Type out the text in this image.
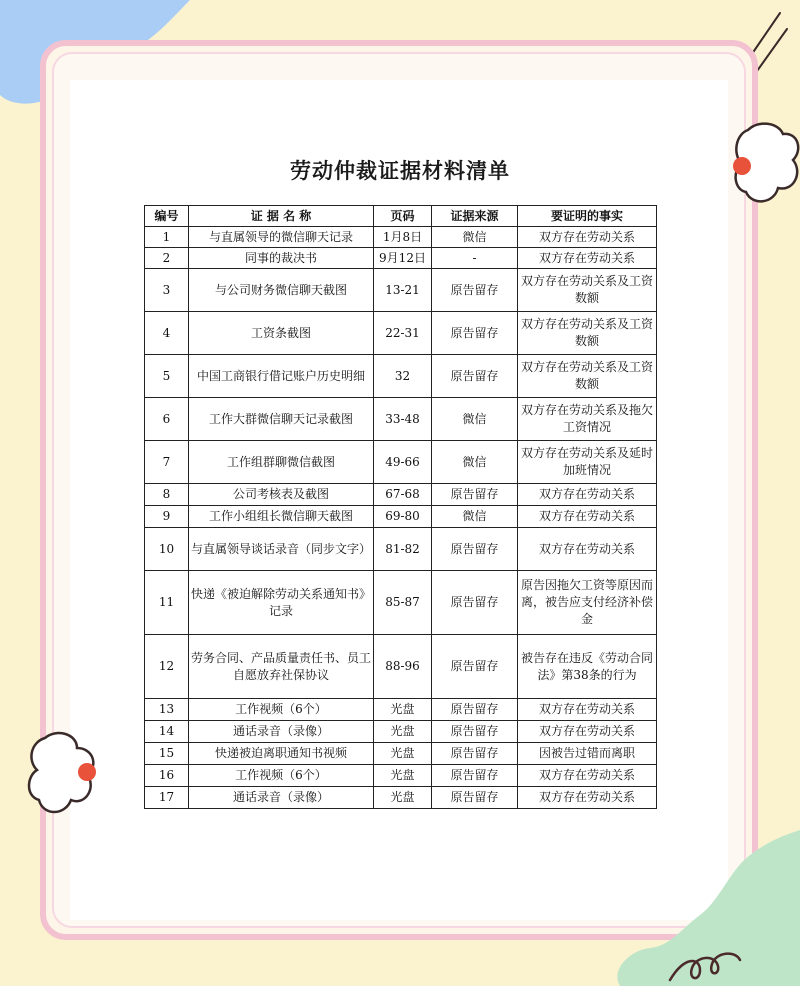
劳动仲裁证据材料清单
编号	证 据 名 称	页码	证据来源	要证明的事实
1	与直属领导的微信聊天记录	1月8日	微信	双方存在劳动关系
2	同事的裁决书	9月12日	-	双方存在劳动关系
3	与公司财务微信聊天截图	13-21	原告留存	双方存在劳动关系及工资数额
4	工资条截图	22-31	原告留存	双方存在劳动关系及工资数额
5	中国工商银行借记账户历史明细	32	原告留存	双方存在劳动关系及工资数额
6	工作大群微信聊天记录截图	33-48	微信	双方存在劳动关系及拖欠工资情况
7	工作组群聊微信截图	49-66	微信	双方存在劳动关系及延时加班情况
8	公司考核表及截图	67-68	原告留存	双方存在劳动关系
9	工作小组组长微信聊天截图	69-80	微信	双方存在劳动关系
10	与直属领导谈话录音（同步文字）	81-82	原告留存	双方存在劳动关系
11	快递《被迫解除劳动关系通知书》记录	85-87	原告留存	原告因拖欠工资等原因而离，被告应支付经济补偿金
12	劳务合同、产品质量责任书、员工自愿放弃社保协议	88-96	原告留存	被告存在违反《劳动合同法》第38条的行为
13	工作视频（6个）	光盘	原告留存	双方存在劳动关系
14	通话录音（录像）	光盘	原告留存	双方存在劳动关系
15	快递被迫离职通知书视频	光盘	原告留存	因被告过错而离职
16	工作视频（6个）	光盘	原告留存	双方存在劳动关系
17	通话录音（录像）	光盘	原告留存	双方存在劳动关系
